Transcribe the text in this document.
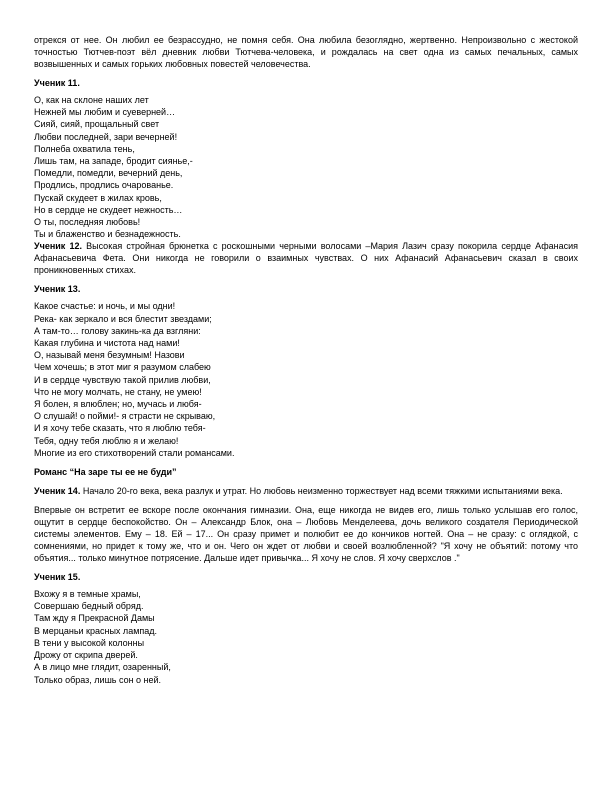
отрекся от нее. Он любил ее безрассудно, не помня себя. Она любила безоглядно, жертвенно. Непроизвольно с жестокой точностью Тютчев-поэт вёл дневник любви Тютчева-человека, и рождалась на свет одна из самых печальных, самых возвышенных и самых горьких любовных повестей человечества.

Ученик 11.

О, как на склоне наших лет
Нежней мы любим и суеверней…
Сияй, сияй, прощальный свет
Любви последней, зари вечерней!
Полнеба охватила тень,
Лишь там, на западе, бродит сиянье,-
Помедли, помедли, вечерний день,
Продлись, продлись очарованье.
Пускай скудеет в жилах кровь,
Но в сердце не скудеет нежность…
О ты, последняя любовь!
Ты и блаженство и безнадежность.

Ученик 12. Высокая стройная брюнетка с роскошными черными волосами –Мария Лазич сразу покорила сердце Афанасия Афанасьевича Фета. Они никогда не говорили о взаимных чувствах. О них Афанасий Афанасьевич сказал в своих проникновенных стихах.

Ученик 13.

Какое счастье: и ночь, и мы одни!
Река- как зеркало и вся блестит звездами;
А там-то… голову закинь-ка да взгляни:
Какая глубина и чистота над нами!
О, называй меня безумным! Назови
Чем хочешь; в этот миг я разумом слабею
И в сердце чувствую такой прилив любви,
Что не могу молчать, не стану, не умею!
Я болен, я влюблен; но, мучась и любя-
О слушай! о пойми!- я страсти не скрываю,
И я хочу тебе сказать, что я люблю тебя-
Тебя, одну тебя люблю я и желаю!
Многие из его стихотворений стали романсами.

Романс “На заре ты ее не буди”

Ученик 14. Начало 20-го века, века разлук и утрат. Но любовь неизменно торжествует над всеми тяжкими испытаниями века.

Впервые он встретит ее вскоре после окончания гимназии. Она, еще никогда не видев его, лишь только услышав его голос, ощутит в сердце беспокойство. Он – Александр Блок, она – Любовь Менделеева, дочь великого создателя Периодической системы элементов. Ему – 18. Ей – 17... Он сразу примет и полюбит ее до кончиков ногтей. Она – не сразу: с оглядкой, с сомнениями, но придет к тому же, что и он. Чего он ждет от любви и своей возлюбленной? "Я хочу не объятий: потому что объятия... только минутное потрясение. Дальше идет привычка... Я хочу не слов. Я хочу сверхслов ."

Ученик 15.

Вхожу я в темные храмы,
Совершаю бедный обряд.
Там жду я Прекрасной Дамы
В мерцаньи красных лампад.
В тени у высокой колонны
Дрожу от скрипа дверей.
А в лицо мне глядит, озаренный,
Только образ, лишь сон о ней.
